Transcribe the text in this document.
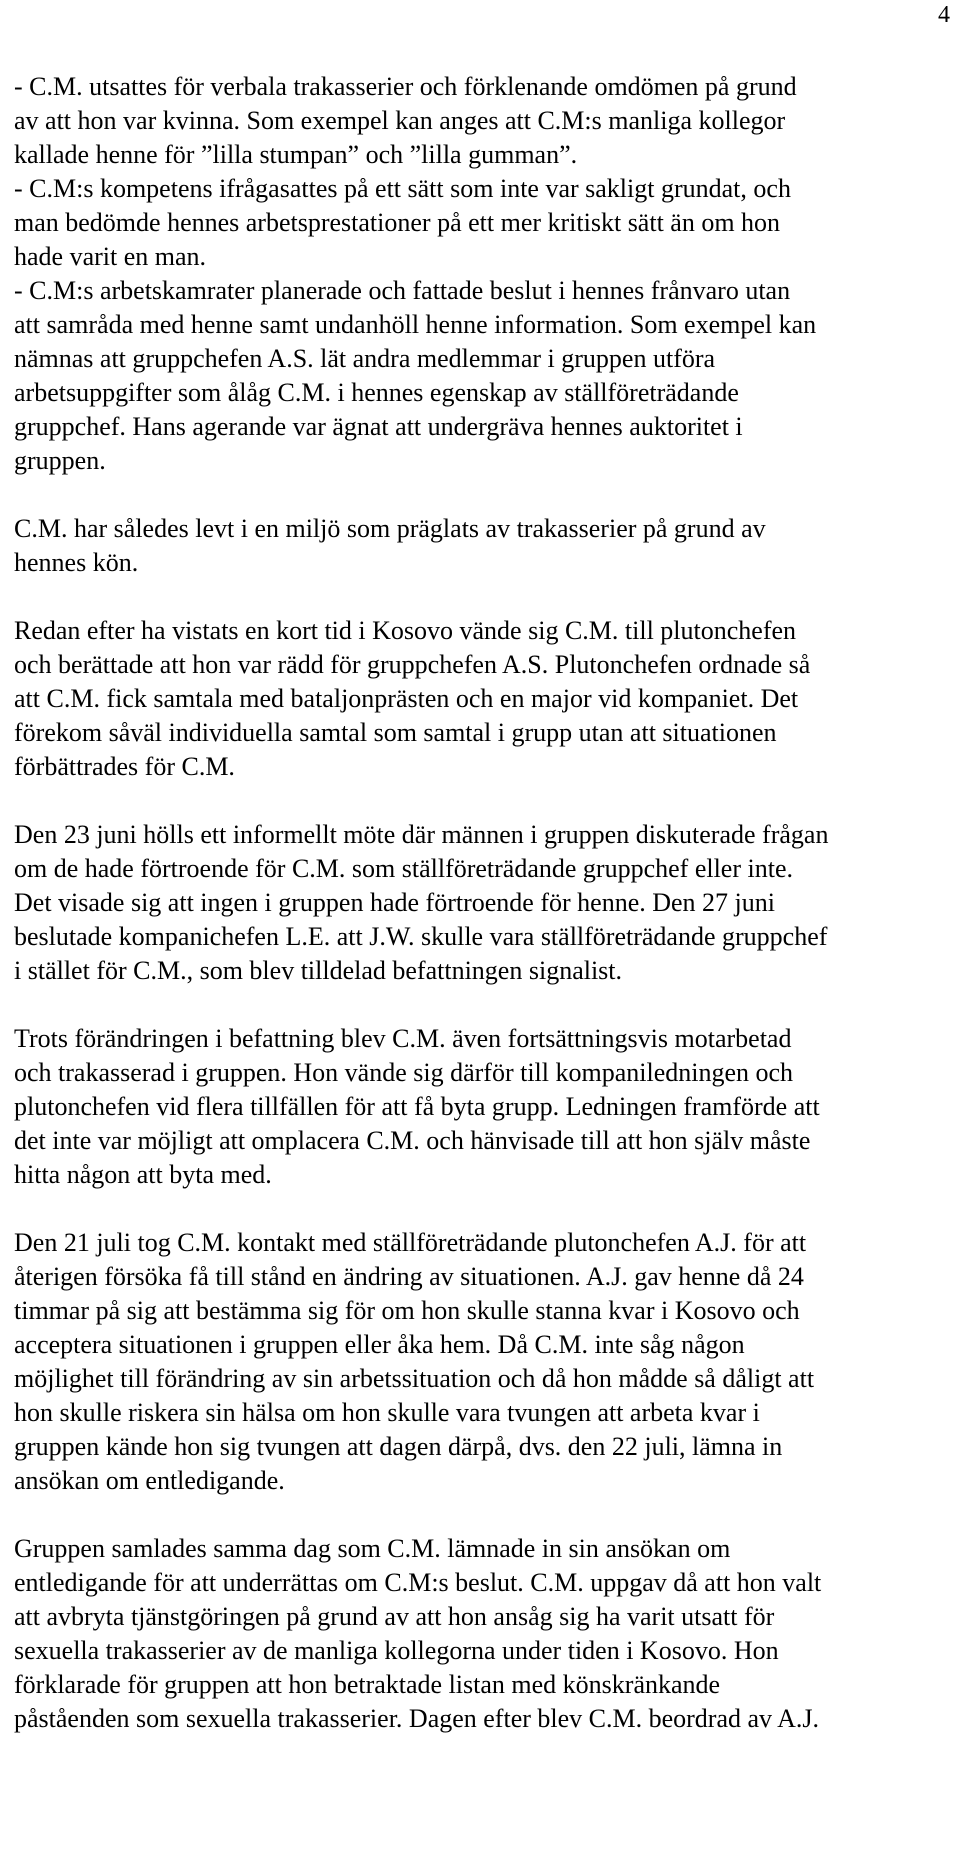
4
- C.M. utsattes för verbala trakasserier och förklenande omdömen på grund
av att hon var kvinna. Som exempel kan anges att C.M:s manliga kollegor
kallade henne för ”lilla stumpan” och ”lilla gumman”.
- C.M:s kompetens ifrågasattes på ett sätt som inte var sakligt grundat, och
man bedömde hennes arbetsprestationer på ett mer kritiskt sätt än om hon
hade varit en man.
- C.M:s arbetskamrater planerade och fattade beslut i hennes frånvaro utan
att samråda med henne samt undanhöll henne information. Som exempel kan
nämnas att gruppchefen A.S. lät andra medlemmar i gruppen utföra
arbetsuppgifter som ålåg C.M. i hennes egenskap av ställföreträdande
gruppchef. Hans agerande var ägnat att undergräva hennes auktoritet i
gruppen.
C.M. har således levt i en miljö som präglats av trakasserier på grund av
hennes kön.
Redan efter ha vistats en kort tid i Kosovo vände sig C.M. till plutonchefen
och berättade att hon var rädd för gruppchefen A.S. Plutonchefen ordnade så
att C.M. fick samtala med bataljonprästen och en major vid kompaniet. Det
förekom såväl individuella samtal som samtal i grupp utan att situationen
förbättrades för C.M.
Den 23 juni hölls ett informellt möte där männen i gruppen diskuterade frågan
om de hade förtroende för C.M. som ställföreträdande gruppchef eller inte.
Det visade sig att ingen i gruppen hade förtroende för henne. Den 27 juni
beslutade kompanichefen L.E. att J.W. skulle vara ställföreträdande gruppchef
i stället för C.M., som blev tilldelad befattningen signalist.
Trots förändringen i befattning blev C.M. även fortsättningsvis motarbetad
och trakasserad i gruppen. Hon vände sig därför till kompaniledningen och
plutonchefen vid flera tillfällen för att få byta grupp. Ledningen framförde att
det inte var möjligt att omplacera C.M. och hänvisade till att hon själv måste
hitta någon att byta med.
Den 21 juli tog C.M. kontakt med ställföreträdande plutonchefen A.J. för att
återigen försöka få till stånd en ändring av situationen. A.J. gav henne då 24
timmar på sig att bestämma sig för om hon skulle stanna kvar i Kosovo och
acceptera situationen i gruppen eller åka hem. Då C.M. inte såg någon
möjlighet till förändring av sin arbetssituation och då hon mådde så dåligt att
hon skulle riskera sin hälsa om hon skulle vara tvungen att arbeta kvar i
gruppen kände hon sig tvungen att dagen därpå, dvs. den 22 juli, lämna in
ansökan om entledigande.
Gruppen samlades samma dag som C.M. lämnade in sin ansökan om
entledigande för att underrättas om C.M:s beslut. C.M. uppgav då att hon valt
att avbryta tjänstgöringen på grund av att hon ansåg sig ha varit utsatt för
sexuella trakasserier av de manliga kollegorna under tiden i Kosovo. Hon
förklarade för gruppen att hon betraktade listan med könskränkande
påståenden som sexuella trakasserier. Dagen efter blev C.M. beordrad av A.J.
